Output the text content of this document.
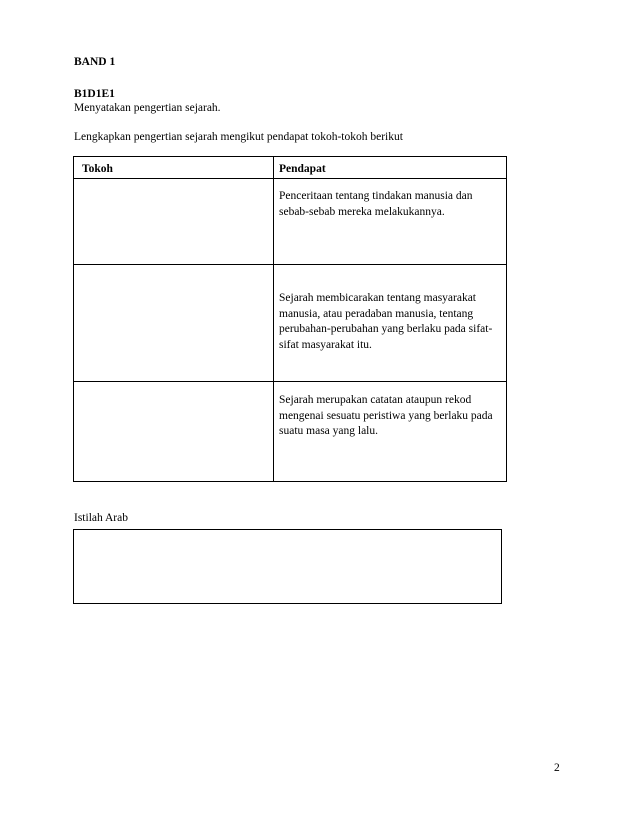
BAND 1
B1D1E1
Menyatakan pengertian sejarah.
Lengkapkan pengertian sejarah mengikut pendapat tokoh-tokoh berikut
Tokoh	Pendapat
Penceritaan tentang tindakan manusia dan sebab-sebab mereka melakukannya.
Sejarah membicarakan tentang masyarakat manusia, atau peradaban manusia, tentang perubahan-perubahan yang berlaku pada sifat-sifat masyarakat itu.
Sejarah merupakan catatan ataupun rekod mengenai sesuatu peristiwa yang berlaku pada suatu masa yang lalu.
Istilah Arab
2
